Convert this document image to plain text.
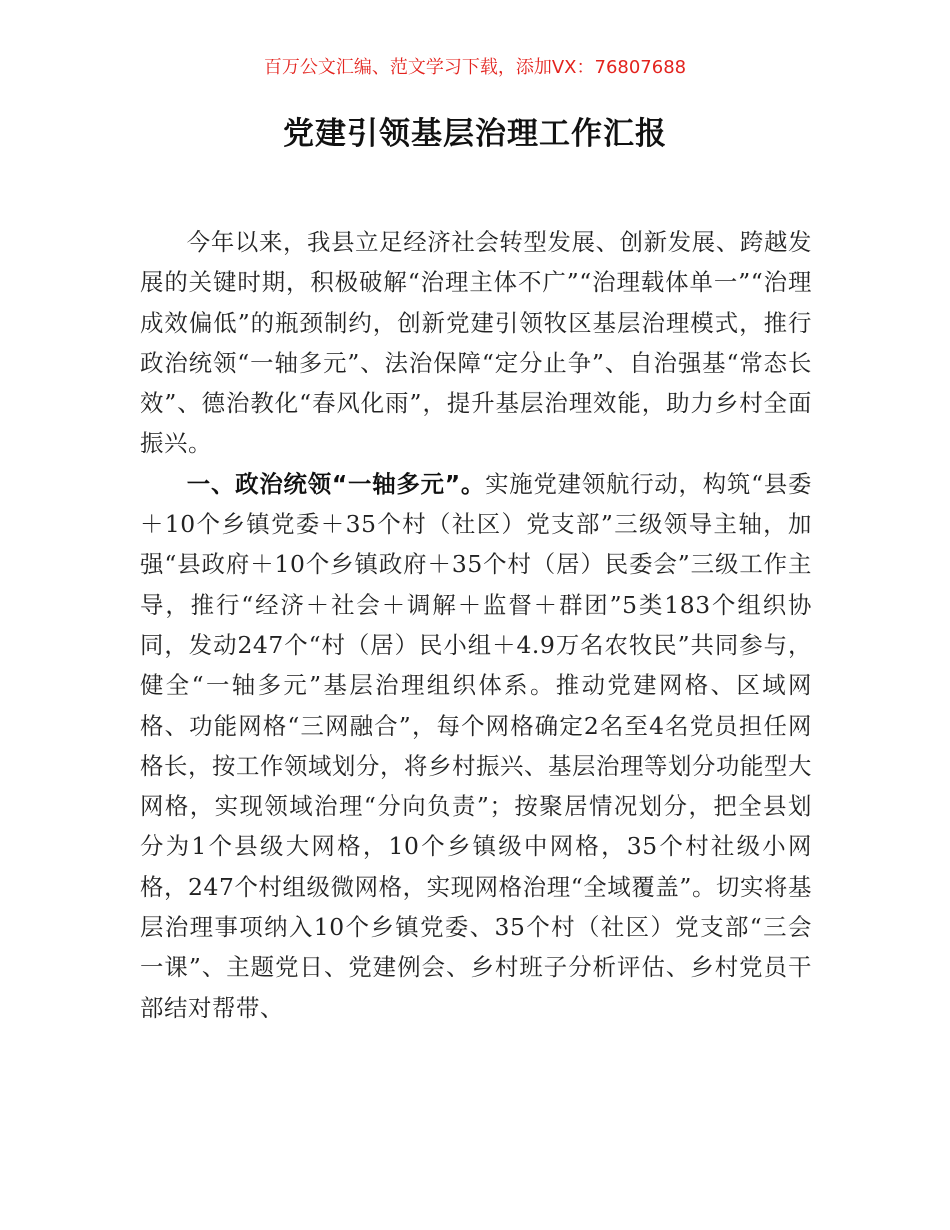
百万公文汇编、范文学习下载，添加VX：76807688
党建引领基层治理工作汇报

今年以来，我县立足经济社会转型发展、创新发展、跨越发展的关键时期，积极破解“治理主体不广”“治理载体单一”“治理成效偏低”的瓶颈制约，创新党建引领牧区基层治理模式，推行政治统领“一轴多元”、法治保障“定分止争”、自治强基“常态长效”、德治教化“春风化雨”，提升基层治理效能，助力乡村全面振兴。

一、政治统领“一轴多元”。实施党建领航行动，构筑“县委＋10个乡镇党委＋35个村（社区）党支部”三级领导主轴，加强“县政府＋10个乡镇政府＋35个村（居）民委会”三级工作主导，推行“经济＋社会＋调解＋监督＋群团”5类183个组织协同，发动247个“村（居）民小组＋4.9万名农牧民”共同参与，健全“一轴多元”基层治理组织体系。推动党建网格、区域网格、功能网格“三网融合”，每个网格确定2名至4名党员担任网格长，按工作领域划分，将乡村振兴、基层治理等划分功能型大网格，实现领域治理“分向负责”；按聚居情况划分，把全县划分为1个县级大网格，10个乡镇级中网格，35个村社级小网格，247个村组级微网格，实现网格治理“全域覆盖”。切实将基层治理事项纳入10个乡镇党委、35个村（社区）党支部“三会一课”、主题党日、党建例会、乡村班子分析评估、乡村党员干部结对帮带、
